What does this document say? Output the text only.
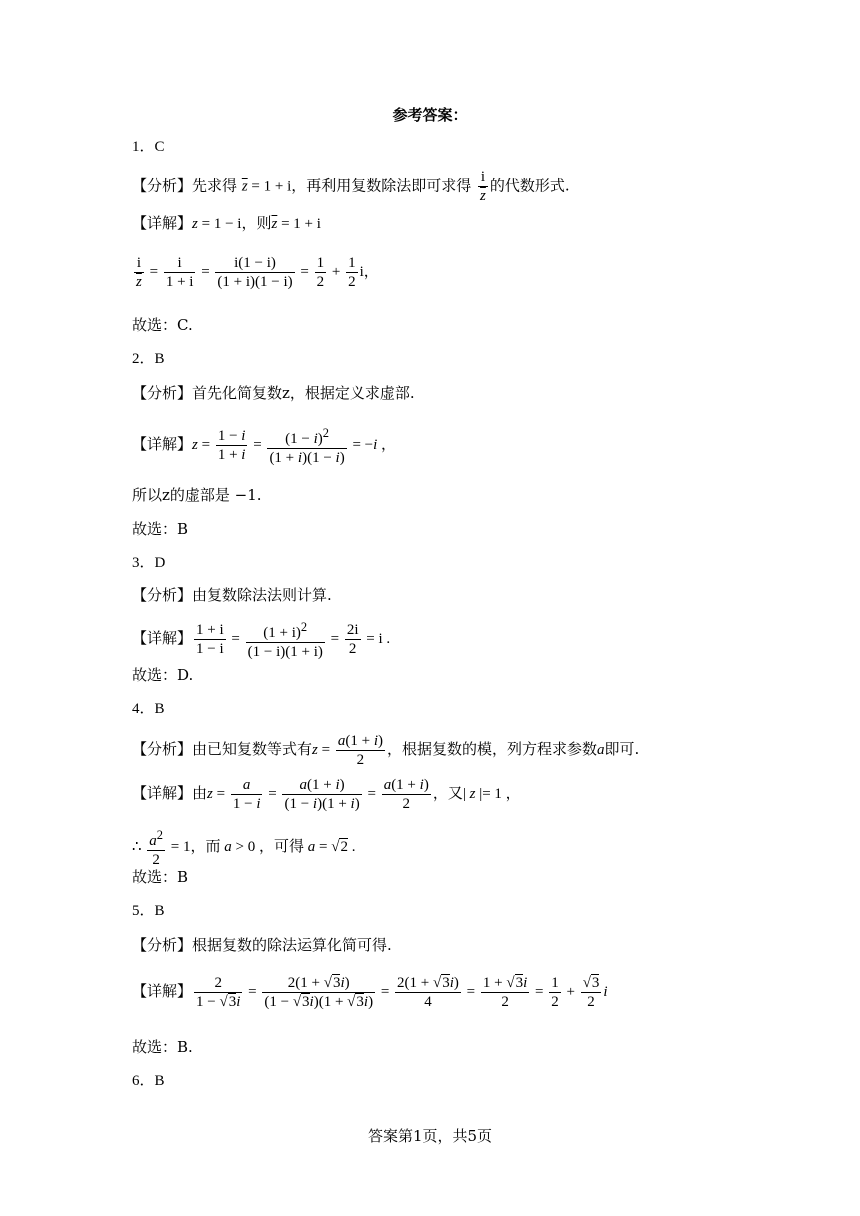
参考答案：
1．C
【分析】先求得 $\overline{z} = 1 + i$，再利用复数除法即可求得 $\frac{i}{z}$ 的代数形式.
【详解】z = 1 − i，则$\overline{z} = 1 + i$
$\frac{i}{z} = \frac{i}{1 + i} = \frac{i(1 - i)}{(1 + i)(1 - i)} = \frac{1}{2} + \frac{1}{2}$ i，
故选：C.
2．B
【分析】首先化简复数z，根据定义求虚部.
【详解】$z = \frac{1 - i}{1 + i} = \frac{(1 - i)^2}{(1 + i)(1 - i)} = -i$ ，
所以z的虚部是 −1.
故选：B
3．D
【分析】由复数除法法则计算.
【详解】 $\frac{1 + i}{1 - i} = \frac{(1 + i)^2}{(1 - i)(1 + i)} = \frac{2i}{2} = i$ .
故选：D.
4．B
【分析】由已知复数等式有$z = \frac{a(1 + i)}{2}$ ，根据复数的模，列方程求参数a即可.
【详解】由$z = \frac{a}{1 - i} = \frac{a(1 + i)}{(1 - i)(1 + i)} = \frac{a(1 + i)}{2}$ ，又| z |= 1 ，
∴ $\frac{a^2}{2} = 1$，而 a > 0 ，可得 a = √2 .
故选：B
5．B
【分析】根据复数的除法运算化简可得.
【详解】 $\frac{2}{1 - √3i} = \frac{2(1 + √3i)}{(1 - √3i)(1 + √3i)} = \frac{2(1 + √3i)}{4} = \frac{1 + √3i}{2} = \frac{1}{2} + \frac{√3}{2}$ i
故选：B.
6．B
答案第1页，共5页
